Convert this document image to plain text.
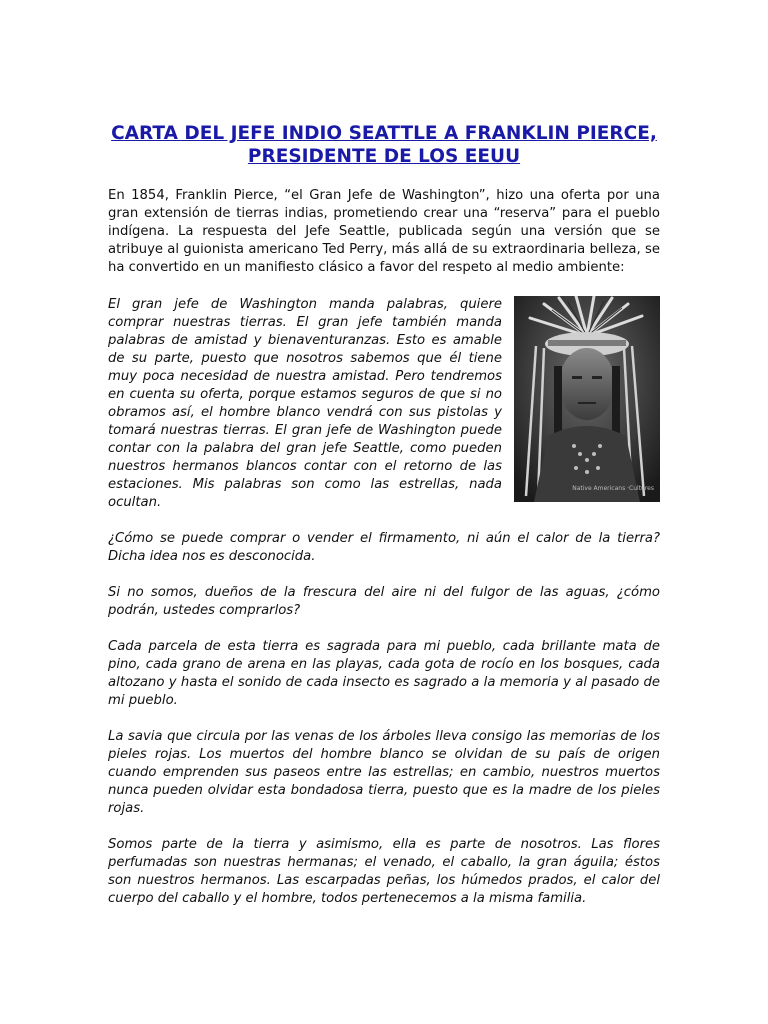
CARTA DEL JEFE INDIO SEATTLE A FRANKLIN PIERCE, PRESIDENTE DE LOS EEUU

En 1854, Franklin Pierce, “el Gran Jefe de Washington”, hizo una oferta por una gran extensión de tierras indias, prometiendo crear una “reserva” para el pueblo indígena. La respuesta del Jefe Seattle, publicada según una versión que se atribuye al guionista americano Ted Perry, más allá de su extraordinaria belleza, se ha convertido en un manifiesto clásico a favor del respeto al medio ambiente:

Native Americans ·Cultures

El gran jefe de Washington manda palabras, quiere comprar nuestras tierras. El gran jefe también manda palabras de amistad y bienaventuranzas. Esto es amable de su parte, puesto que nosotros sabemos que él tiene muy poca necesidad de nuestra amistad. Pero tendremos en cuenta su oferta, porque estamos seguros de que si no obramos así, el hombre blanco vendrá con sus pistolas y tomará nuestras tierras. El gran jefe de Washington puede contar con la palabra del gran jefe Seattle, como pueden nuestros hermanos blancos contar con el retorno de las estaciones. Mis palabras son como las estrellas, nada ocultan.

¿Cómo se puede comprar o vender el firmamento, ni aún el calor de la tierra? Dicha idea nos es desconocida.

Si no somos, dueños de la frescura del aire ni del fulgor de las aguas, ¿cómo podrán, ustedes comprarlos?

Cada parcela de esta tierra es sagrada para mi pueblo, cada brillante mata de pino, cada grano de arena en las playas, cada gota de rocío en los bosques, cada altozano y hasta el sonido de cada insecto es sagrado a la memoria y al pasado de mi pueblo.

La savia que circula por las venas de los árboles lleva consigo las memorias de los pieles rojas. Los muertos del hombre blanco se olvidan de su país de origen cuando emprenden sus paseos entre las estrellas; en cambio, nuestros muertos nunca pueden olvidar esta bondadosa tierra, puesto que es la madre de los pieles rojas.

Somos parte de la tierra y asimismo, ella es parte de nosotros. Las flores perfumadas son nuestras hermanas; el venado, el caballo, la gran águila; éstos son nuestros hermanos. Las escarpadas peñas, los húmedos prados, el calor del cuerpo del caballo y el hombre, todos pertenecemos a la misma familia.
